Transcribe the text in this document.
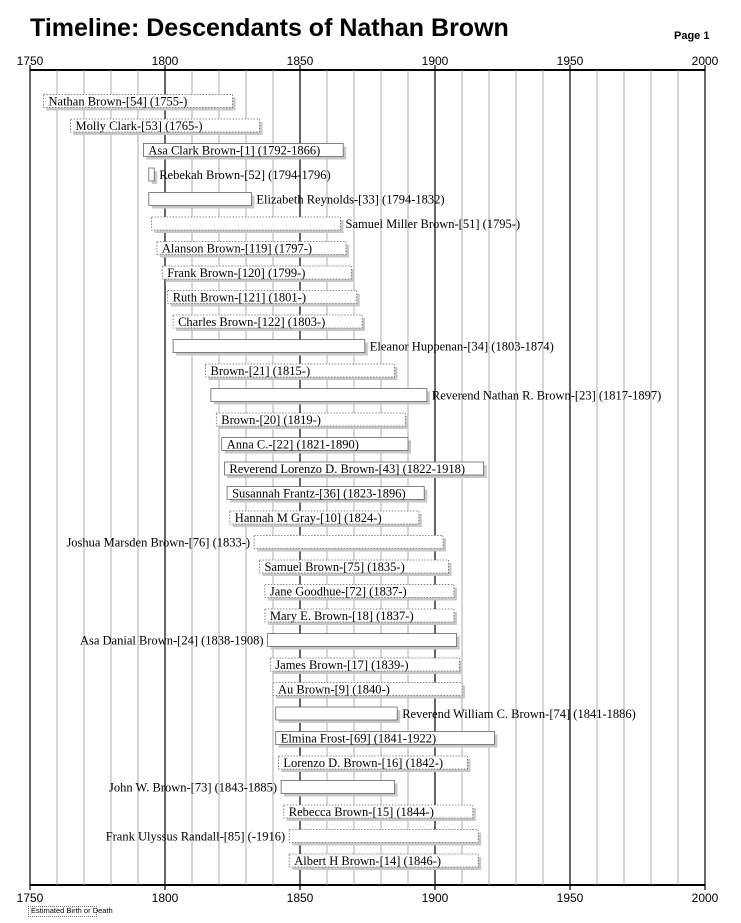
Timeline: Descendants of Nathan Brown	Page 1
1750
1750
1800
1800
1850
1850
1900
1900
1950
1950
2000
2000
Nathan Brown-[54] (1755-)
Molly Clark-[53] (1765-)
Asa Clark Brown-[1] (1792-1866)
Rebekah Brown-[52] (1794-1796)
Elizabeth Reynolds-[33] (1794-1832)
Samuel Miller Brown-[51] (1795-)
Alanson Brown-[119] (1797-)
Frank Brown-[120] (1799-)
Ruth Brown-[121] (1801-)
Charles Brown-[122] (1803-)
Eleanor Huppenan-[34] (1803-1874)
Brown-[21] (1815-)
Reverend Nathan R. Brown-[23] (1817-1897)
Brown-[20] (1819-)
Anna C.-[22] (1821-1890)
Reverend Lorenzo D. Brown-[43] (1822-1918)
Susannah Frantz-[36] (1823-1896)
Hannah M Gray-[10] (1824-)
Joshua Marsden Brown-[76] (1833-)
Samuel Brown-[75] (1835-)
Jane Goodhue-[72] (1837-)
Mary E. Brown-[18] (1837-)
Asa Danial Brown-[24] (1838-1908)
James Brown-[17] (1839-)
Au Brown-[9] (1840-)
Reverend William C. Brown-[74] (1841-1886)
Elmina Frost-[69] (1841-1922)
Lorenzo D. Brown-[16] (1842-)
John W. Brown-[73] (1843-1885)
Rebecca Brown-[15] (1844-)
Frank Ulyssus Randall-[85] (-1916)
Albert H Brown-[14] (1846-)
Estimated Birth or Death
